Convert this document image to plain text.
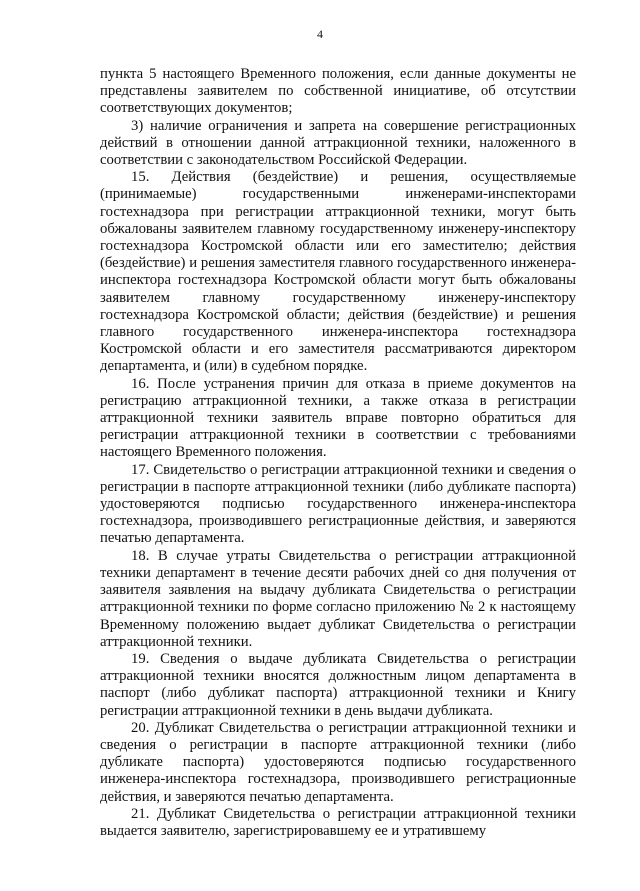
4

пункта 5 настоящего Временного положения, если данные документы не представлены заявителем по собственной инициативе, об отсутствии соответствующих документов;

3) наличие ограничения и запрета на совершение регистрационных действий в отношении данной аттракционной техники, наложенного в соответствии с законодательством Российской Федерации.

15. Действия (бездействие) и решения, осуществляемые (принимаемые) государственными инженерами-инспекторами гостехнадзора при регистрации аттракционной техники, могут быть обжалованы заявителем главному государственному инженеру-инспектору гостехнадзора Костромской области или его заместителю; действия (бездействие) и решения заместителя главного государственного инженера-инспектора гостехнадзора Костромской области могут быть обжалованы заявителем главному государственному инженеру-инспектору гостехнадзора Костромской области; действия (бездействие) и решения главного государственного инженера-инспектора гостехнадзора Костромской области и его заместителя рассматриваются директором департамента, и (или) в судебном порядке.

16. После устранения причин для отказа в приеме документов на регистрацию аттракционной техники, а также отказа в регистрации аттракционной техники заявитель вправе повторно обратиться для регистрации аттракционной техники в соответствии с требованиями настоящего Временного положения.

17. Свидетельство о регистрации аттракционной техники и сведения о регистрации в паспорте аттракционной техники (либо дубликате паспорта) удостоверяются подписью государственного инженера-инспектора гостехнадзора, производившего регистрационные действия, и заверяются печатью департамента.

18. В случае утраты Свидетельства о регистрации аттракционной техники департамент в течение десяти рабочих дней со дня получения от заявителя заявления на выдачу дубликата Свидетельства о регистрации аттракционной техники по форме согласно приложению № 2 к настоящему Временному положению выдает дубликат Свидетельства о регистрации аттракционной техники.

19. Сведения о выдаче дубликата Свидетельства о регистрации аттракционной техники вносятся должностным лицом департамента в паспорт (либо дубликат паспорта) аттракционной техники и Книгу регистрации аттракционной техники в день выдачи дубликата.

20. Дубликат Свидетельства о регистрации аттракционной техники и сведения о регистрации в паспорте аттракционной техники (либо дубликате паспорта) удостоверяются подписью государственного инженера-инспектора гостехнадзора, производившего регистрационные действия, и заверяются печатью департамента.

21. Дубликат Свидетельства о регистрации аттракционной техники выдается заявителю, зарегистрировавшему ее и утратившему
